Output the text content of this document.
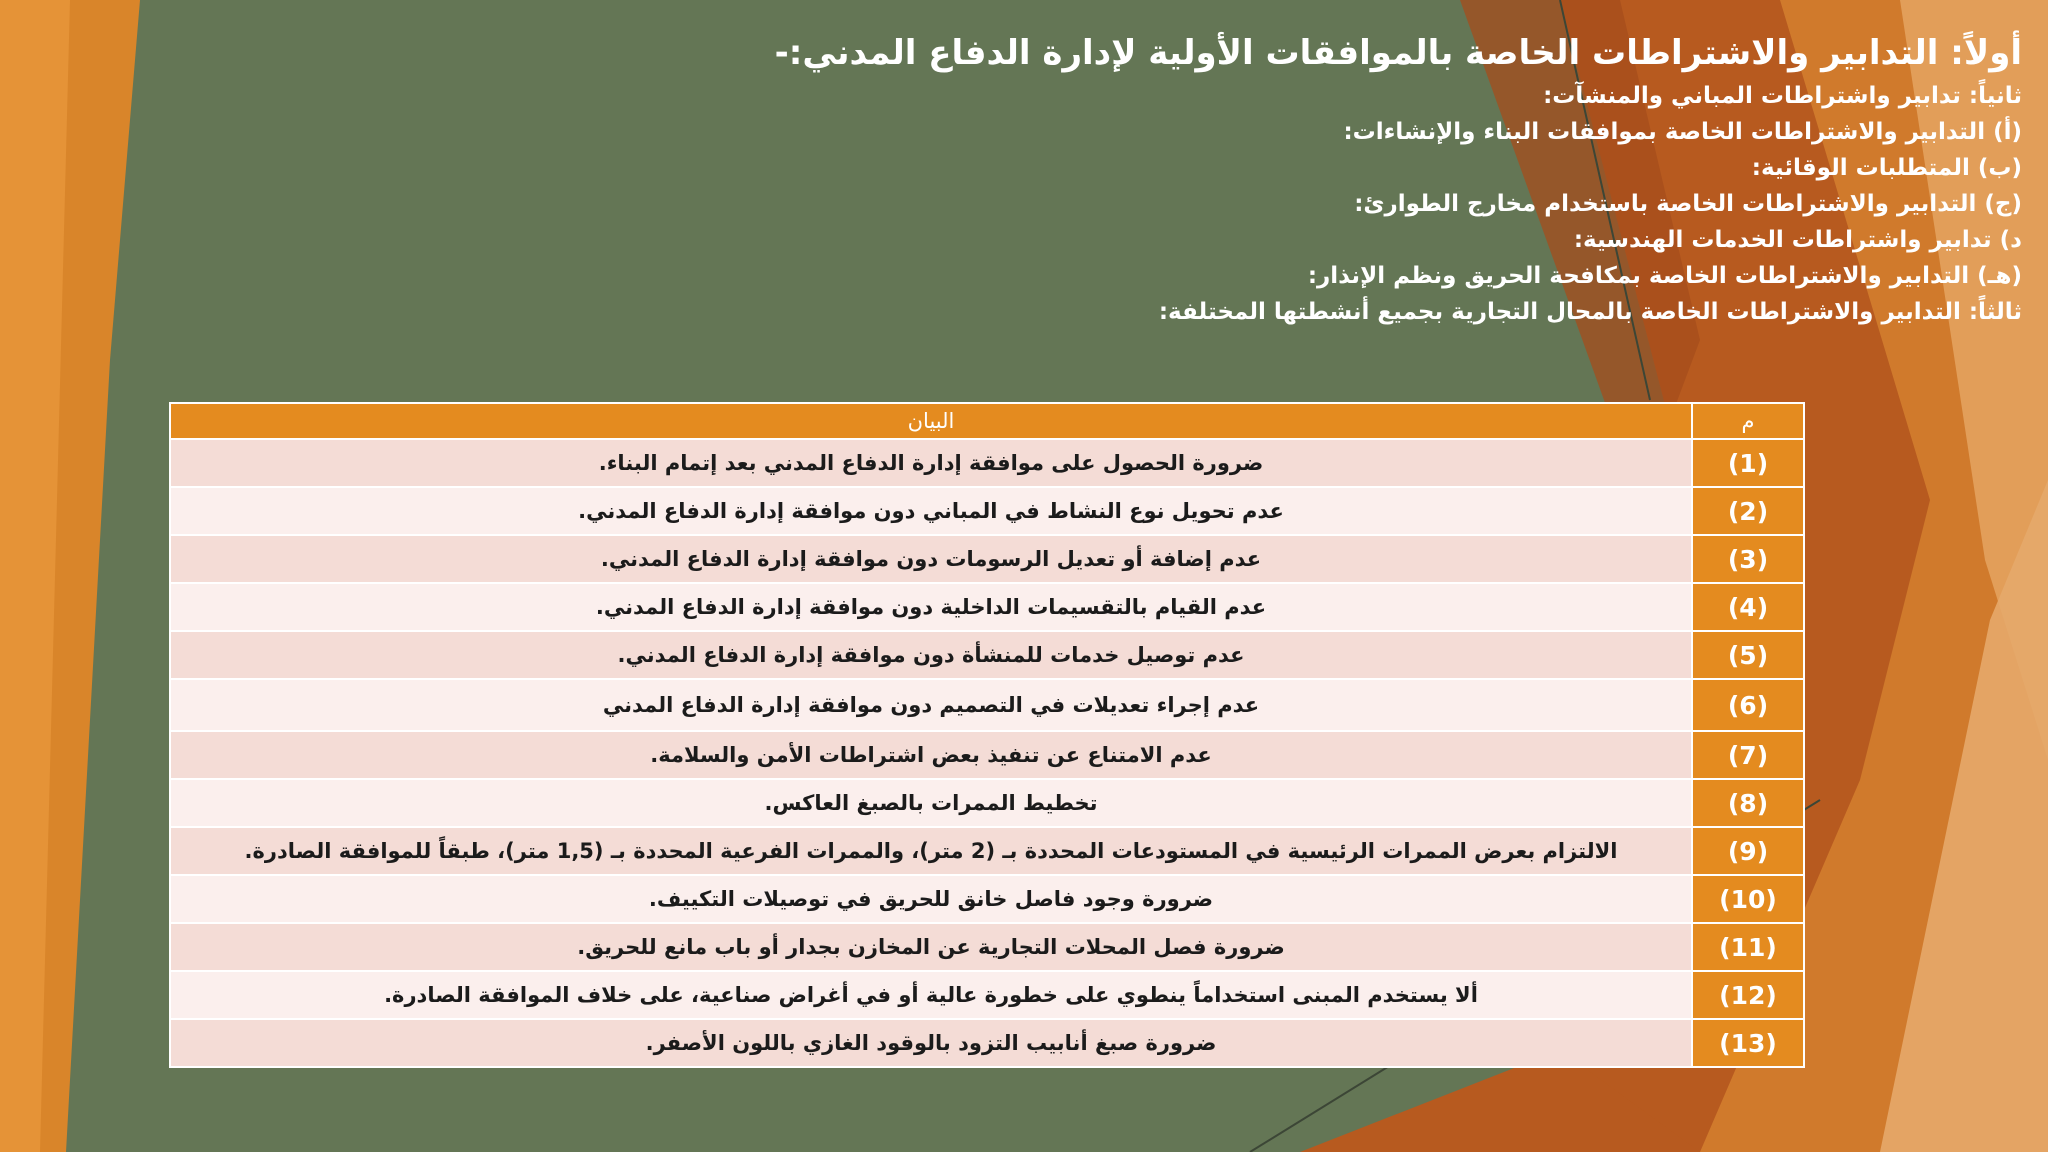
أولاً: التدابير والاشتراطات الخاصة بالموافقات الأولية لإدارة الدفاع المدني:-
ثانياً: تدابير واشتراطات المباني والمنشآت:
(أ) التدابير والاشتراطات الخاصة بموافقات البناء والإنشاءات:
(ب) المتطلبات الوقائية:
(ج) التدابير والاشتراطات الخاصة باستخدام مخارج الطوارئ:
د) تدابير واشتراطات الخدمات الهندسية:
(هـ) التدابير والاشتراطات الخاصة بمكافحة الحريق ونظم الإنذار:
ثالثاً: التدابير والاشتراطات الخاصة بالمحال التجارية بجميع أنشطتها المختلفة:
م	البيان
(1)	ضرورة الحصول على موافقة إدارة الدفاع المدني بعد إتمام البناء.
(2)	عدم تحويل نوع النشاط في المباني دون موافقة إدارة الدفاع المدني.
(3)	عدم إضافة أو تعديل الرسومات دون موافقة إدارة الدفاع المدني.
(4)	عدم القيام بالتقسيمات الداخلية دون موافقة إدارة الدفاع المدني.
(5)	عدم توصيل خدمات للمنشأة دون موافقة إدارة الدفاع المدني.
(6)	عدم إجراء تعديلات في التصميم دون موافقة إدارة الدفاع المدني
(7)	عدم الامتناع عن تنفيذ بعض اشتراطات الأمن والسلامة.
(8)	تخطيط الممرات بالصبغ العاكس.
(9)	الالتزام بعرض الممرات الرئيسية في المستودعات المحددة بـ (2 متر)، والممرات الفرعية المحددة بـ (1,5 متر)، طبقاً للموافقة الصادرة.
(10)	ضرورة وجود فاصل خانق للحريق في توصيلات التكييف.
(11)	ضرورة فصل المحلات التجارية عن المخازن بجدار أو باب مانع للحريق.
(12)	ألا يستخدم المبنى استخداماً ينطوي على خطورة عالية أو في أغراض صناعية، على خلاف الموافقة الصادرة.
(13)	ضرورة صبغ أنابيب التزود بالوقود الغازي باللون الأصفر.
